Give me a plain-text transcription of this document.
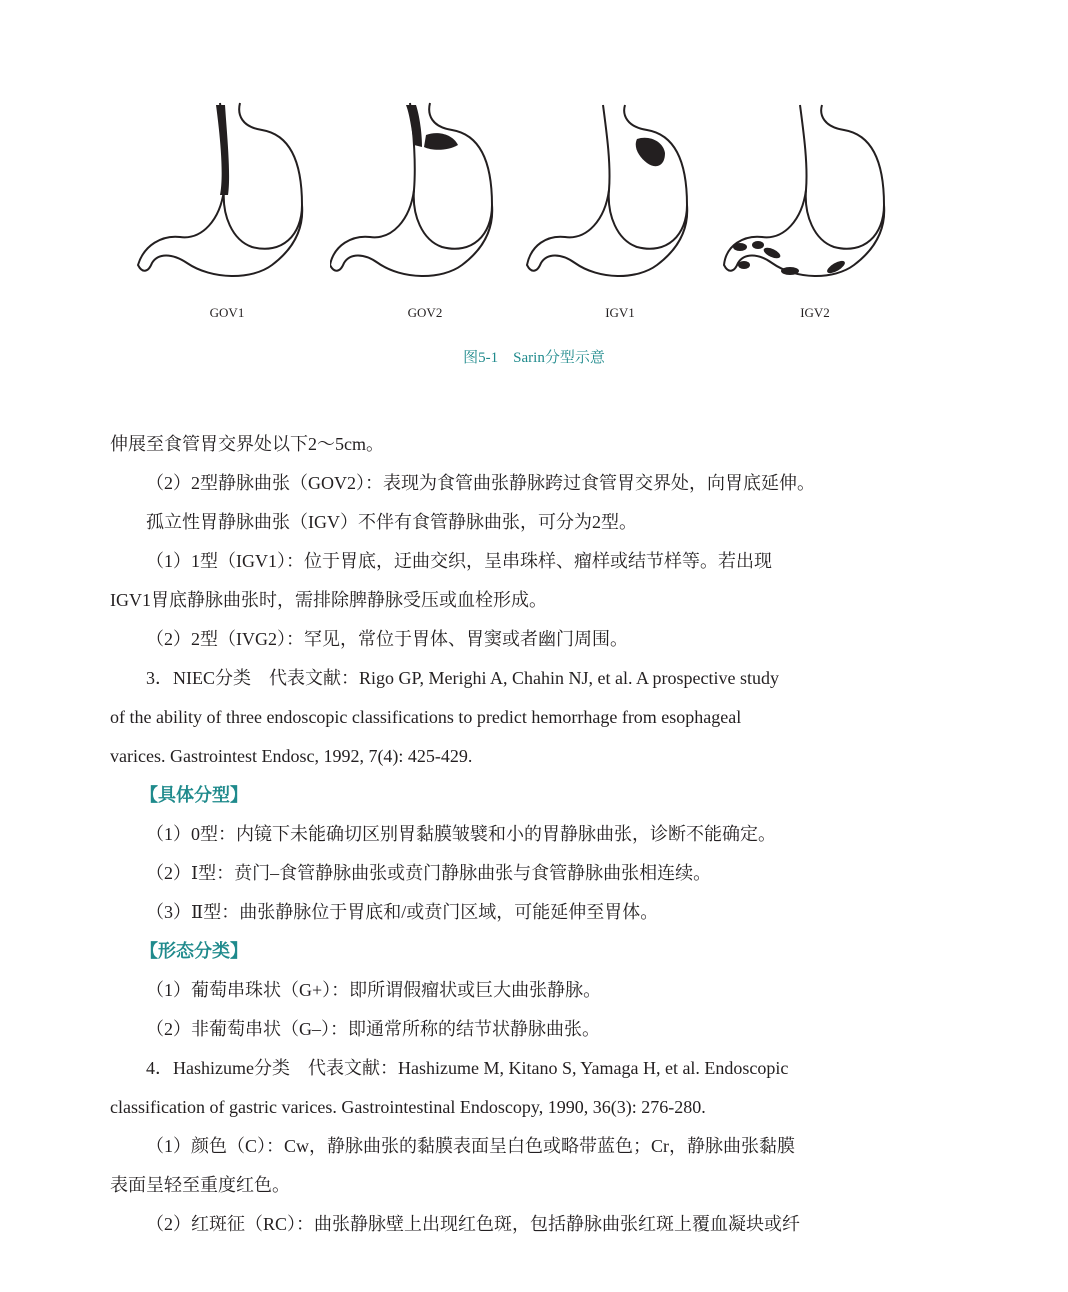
GOV1	GOV2	IGV1	IGV2
图5-1　Sarin分型示意

伸展至食管胃交界处以下2～5cm。

（2）2型静脉曲张（GOV2）：表现为食管曲张静脉跨过食管胃交界处，向胃底延伸。

孤立性胃静脉曲张（IGV）不伴有食管静脉曲张，可分为2型。

（1）1型（IGV1）：位于胃底，迂曲交织，呈串珠样、瘤样或结节样等。若出现

IGV1胃底静脉曲张时，需排除脾静脉受压或血栓形成。

（2）2型（IVG2）：罕见，常位于胃体、胃窦或者幽门周围。

3．NIEC分类　代表文献：Rigo GP, Merighi A, Chahin NJ, et al. A prospective study

of the ability of three endoscopic classifications to predict hemorrhage from esophageal

varices. Gastrointest Endosc, 1992, 7(4): 425-429.

【具体分型】

（1）0型：内镜下未能确切区别胃黏膜皱襞和小的胃静脉曲张，诊断不能确定。

（2）Ⅰ型：贲门–食管静脉曲张或贲门静脉曲张与食管静脉曲张相连续。

（3）Ⅱ型：曲张静脉位于胃底和/或贲门区域，可能延伸至胃体。

【形态分类】

（1）葡萄串珠状（G+）：即所谓假瘤状或巨大曲张静脉。

（2）非葡萄串状（G–）：即通常所称的结节状静脉曲张。

4．Hashizume分类　代表文献：Hashizume M, Kitano S, Yamaga H, et al. Endoscopic

classification of gastric varices. Gastrointestinal Endoscopy, 1990, 36(3): 276-280.

（1）颜色（C）：Cw，静脉曲张的黏膜表面呈白色或略带蓝色；Cr，静脉曲张黏膜

表面呈轻至重度红色。

（2）红斑征（RC）：曲张静脉壁上出现红色斑，包括静脉曲张红斑上覆血凝块或纤
